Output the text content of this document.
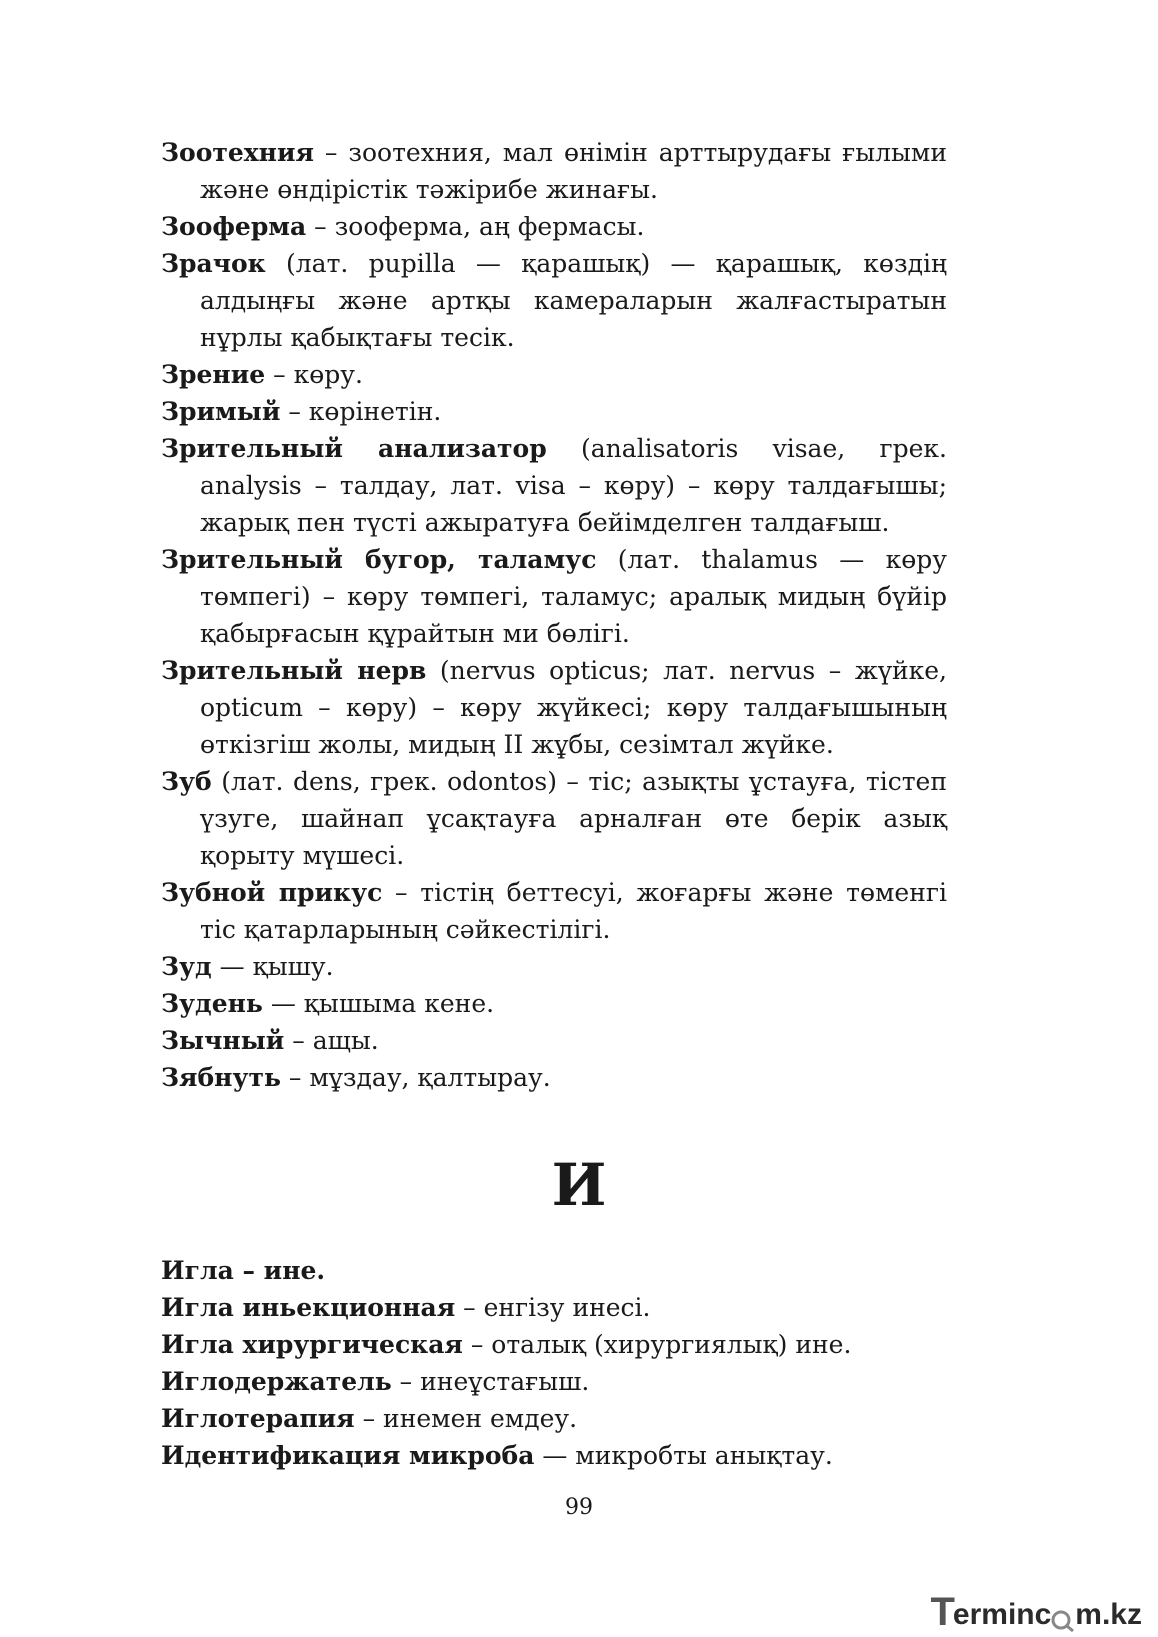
Зоотехния – зоотехния, мал өнімін арттырудағы ғылыми және өндірістік тәжірибе жинағы.

Зооферма – зооферма, аң фермасы.

Зрачок (лат. pupilla — қарашық) — қарашық, көздің алдыңғы және артқы камераларын жалғастыратын нұрлы қабықтағы тесік.

Зрение – көру.

Зримый – көрінетін.

Зрительный анализатор (analisatoris visae, грек. analysis – талдау, лат. visa – көру) – көру талдағышы; жарық пен түсті ажыратуға бейімделген талдағыш.

Зрительный бугор, таламус (лат. thalamus — көру төмпегі) – көру төмпегі, таламус; аралық мидың бүйір қабырғасын құрайтын ми бөлігі.

Зрительный нерв (nervus opticus; лат. nervus – жүйке, opticum – көру) – көру жүйкесі; көру талдағышының өткізгіш жолы, мидың II жұбы, сезімтал жүйке.

Зуб (лат. dens, грек. odontos) – тіс; азықты ұстауға, тістеп үзуге, шайнап ұсақтауға арналған өте берік азық қорыту мүшесі.

Зубной прикус – тістің беттесуі, жоғарғы және төменгі тіс қатарларының сәйкестілігі.

Зуд — қышу.

Зудень — қышыма кене.

Зычный – ащы.

Зябнуть – мұздау, қалтырау.

И

Игла – ине.

Игла иньекционная – енгізу инесі.

Игла хирургическая – оталық (хирургиялық) ине.

Иглодержатель – инеұстағыш.

Иглотерапия – инемен емдеу.

Идентификация микроба — микробты анықтау.

99
T
ermin c m.kz
